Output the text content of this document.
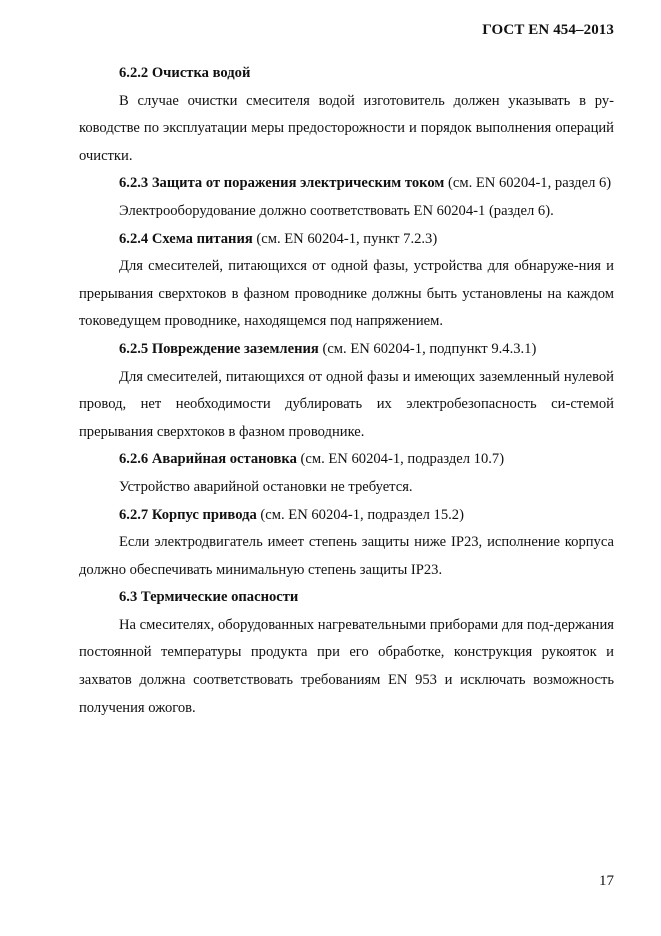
ГОСТ EN 454–2013

6.2.2 Очистка водой

В случае очистки смесителя водой изготовитель должен указывать в ру-ководстве по эксплуатации меры предосторожности и порядок выполнения операций очистки.

6.2.3 Защита от поражения электрическим током (см. EN 60204-1, раздел 6)

Электрооборудование должно соответствовать EN 60204-1 (раздел 6).

6.2.4 Схема питания (см. EN 60204-1, пункт 7.2.3)

Для смесителей, питающихся от одной фазы, устройства для обнаруже-ния и прерывания сверхтоков в фазном проводнике должны быть установлены на каждом токоведущем проводнике, находящемся под напряжением.

6.2.5 Повреждение заземления (см. EN 60204-1, подпункт 9.4.3.1)

Для смесителей, питающихся от одной фазы и имеющих заземленный нулевой провод, нет необходимости дублировать их электробезопасность си-стемой прерывания сверхтоков в фазном проводнике.

6.2.6 Аварийная остановка (см. EN 60204-1, подраздел 10.7)

Устройство аварийной остановки не требуется.

6.2.7 Корпус привода (см. EN 60204-1, подраздел 15.2)

Если электродвигатель имеет степень защиты ниже IP23, исполнение корпуса должно обеспечивать минимальную степень защиты IP23.

6.3 Термические опасности

На смесителях, оборудованных нагревательными приборами для под-держания постоянной температуры продукта при его обработке, конструкция рукояток и захватов должна соответствовать требованиям EN 953 и исключать возможность получения ожогов.

17
